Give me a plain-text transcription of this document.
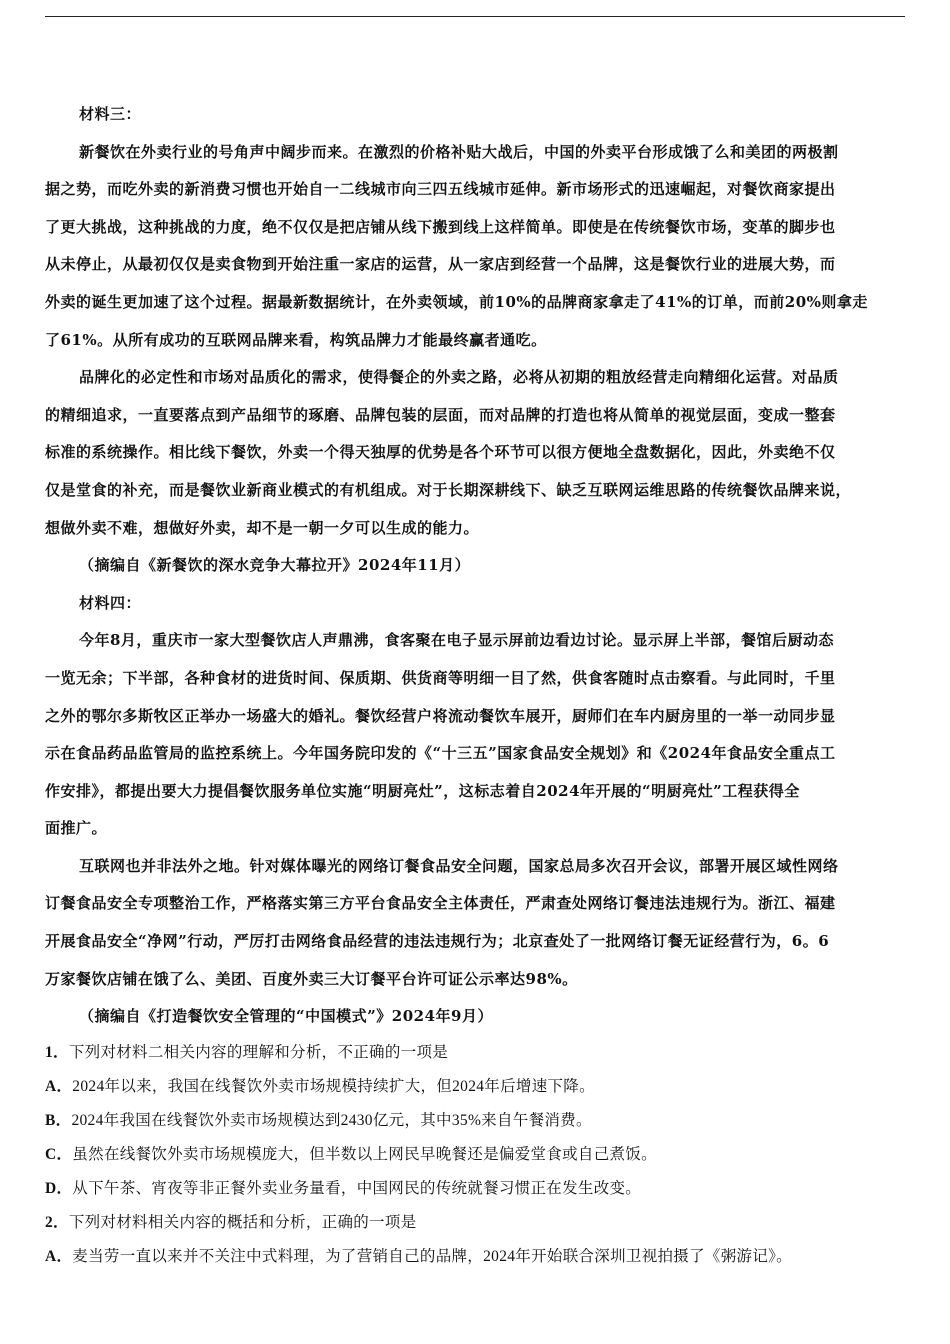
材料三：
新餐饮在外卖行业的号角声中阔步而来。在激烈的价格补贴大战后，中国的外卖平台形成饿了么和美团的两极割
据之势，而吃外卖的新消费习惯也开始自一二线城市向三四五线城市延伸。新市场形式的迅速崛起，对餐饮商家提出
了更大挑战，这种挑战的力度，绝不仅仅是把店铺从线下搬到线上这样简单。即使是在传统餐饮市场，变革的脚步也
从未停止，从最初仅仅是卖食物到开始注重一家店的运营，从一家店到经营一个品牌，这是餐饮行业的进展大势，而
外卖的诞生更加速了这个过程。据最新数据统计，在外卖领域，前10%的品牌商家拿走了41%的订单，而前20%则拿走
了61%。从所有成功的互联网品牌来看，构筑品牌力才能最终赢者通吃。
品牌化的必定性和市场对品质化的需求，使得餐企的外卖之路，必将从初期的粗放经营走向精细化运营。对品质
的精细追求，一直要落点到产品细节的琢磨、品牌包装的层面，而对品牌的打造也将从简单的视觉层面，变成一整套
标准的系统操作。相比线下餐饮，外卖一个得天独厚的优势是各个环节可以很方便地全盘数据化，因此，外卖绝不仅
仅是堂食的补充，而是餐饮业新商业模式的有机组成。对于长期深耕线下、缺乏互联网运维思路的传统餐饮品牌来说，
想做外卖不难，想做好外卖，却不是一朝一夕可以生成的能力。
（摘编自《新餐饮的深水竞争大幕拉开》2024年11月）
材料四：
今年8月，重庆市一家大型餐饮店人声鼎沸，食客聚在电子显示屏前边看边讨论。显示屏上半部，餐馆后厨动态
一览无余；下半部，各种食材的进货时间、保质期、供货商等明细一目了然，供食客随时点击察看。与此同时，千里
之外的鄂尔多斯牧区正举办一场盛大的婚礼。餐饮经营户将流动餐饮车展开，厨师们在车内厨房里的一举一动同步显
示在食品药品监管局的监控系统上。今年国务院印发的《“十三五”国家食品安全规划》和《2024年食品安全重点工
作安排》，都提出要大力提倡餐饮服务单位实施“明厨亮灶”，这标志着自2024年开展的“明厨亮灶”工程获得全
面推广。
互联网也并非法外之地。针对媒体曝光的网络订餐食品安全问题，国家总局多次召开会议，部署开展区域性网络
订餐食品安全专项整治工作，严格落实第三方平台食品安全主体责任，严肃查处网络订餐违法违规行为。浙江、福建
开展食品安全“净网”行动，严厉打击网络食品经营的违法违规行为；北京查处了一批网络订餐无证经营行为，6。6
万家餐饮店铺在饿了么、美团、百度外卖三大订餐平台许可证公示率达98%。
（摘编自《打造餐饮安全管理的“中国模式”》2024年9月）
1．下列对材料二相关内容的理解和分析，不正确的一项是
A．2024年以来，我国在线餐饮外卖市场规模持续扩大，但2024年后增速下降。
B．2024年我国在线餐饮外卖市场规模达到2430亿元，其中35%来自午餐消费。
C．虽然在线餐饮外卖市场规模庞大，但半数以上网民早晚餐还是偏爱堂食或自己煮饭。
D．从下午茶、宵夜等非正餐外卖业务量看，中国网民的传统就餐习惯正在发生改变。
2．下列对材料相关内容的概括和分析，正确的一项是
A．麦当劳一直以来并不关注中式料理，为了营销自己的品牌，2024年开始联合深圳卫视拍摄了《粥游记》。
